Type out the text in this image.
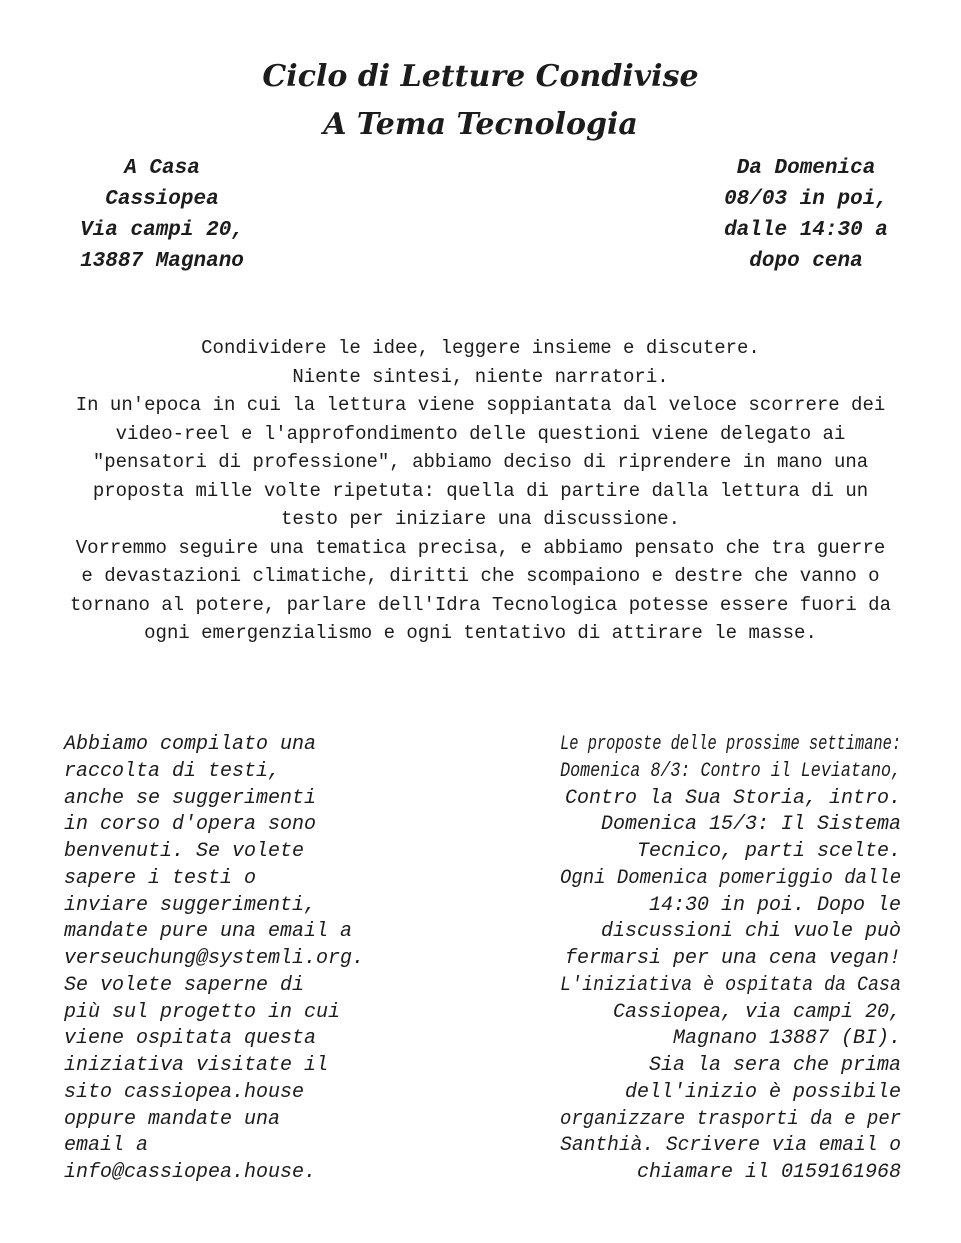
Ciclo di Letture Condivise
A Tema Tecnologia
A Casa
Cassiopea
Via campi 20,
13887 Magnano
Da Domenica
08/03 in poi,
dalle 14:30 a
dopo cena
Condividere le idee, leggere insieme e discutere.
Niente sintesi, niente narratori.
In un'epoca in cui la lettura viene soppiantata dal veloce scorrere dei
video-reel e l'approfondimento delle questioni viene delegato ai
"pensatori di professione", abbiamo deciso di riprendere in mano una
proposta mille volte ripetuta: quella di partire dalla lettura di un
testo per iniziare una discussione.
Vorremmo seguire una tematica precisa, e abbiamo pensato che tra guerre
e devastazioni climatiche, diritti che scompaiono e destre che vanno o
tornano al potere, parlare dell'Idra Tecnologica potesse essere fuori da
ogni emergenzialismo e ogni tentativo di attirare le masse.
Abbiamo compilato una
raccolta di testi,
anche se suggerimenti
in corso d'opera sono
benvenuti. Se volete
sapere i testi o
inviare suggerimenti,
mandate pure una email a
verseuchung@systemli.org.
Se volete saperne di
più sul progetto in cui
viene ospitata questa
iniziativa visitate il
sito cassiopea.house
oppure mandate una
email a
info@cassiopea.house.
Le proposte delle prossime settimane:
Domenica 8/3: Contro il Leviatano,
Contro la Sua Storia, intro.
Domenica 15/3: Il Sistema
Tecnico, parti scelte.
Ogni Domenica pomeriggio dalle
14:30 in poi. Dopo le
discussioni chi vuole può
fermarsi per una cena vegan!
L'iniziativa è ospitata da Casa
Cassiopea, via campi 20,
Magnano 13887 (BI).
Sia la sera che prima
dell'inizio è possibile
organizzare trasporti da e per
Santhià. Scrivere via email o
chiamare il 0159161968
